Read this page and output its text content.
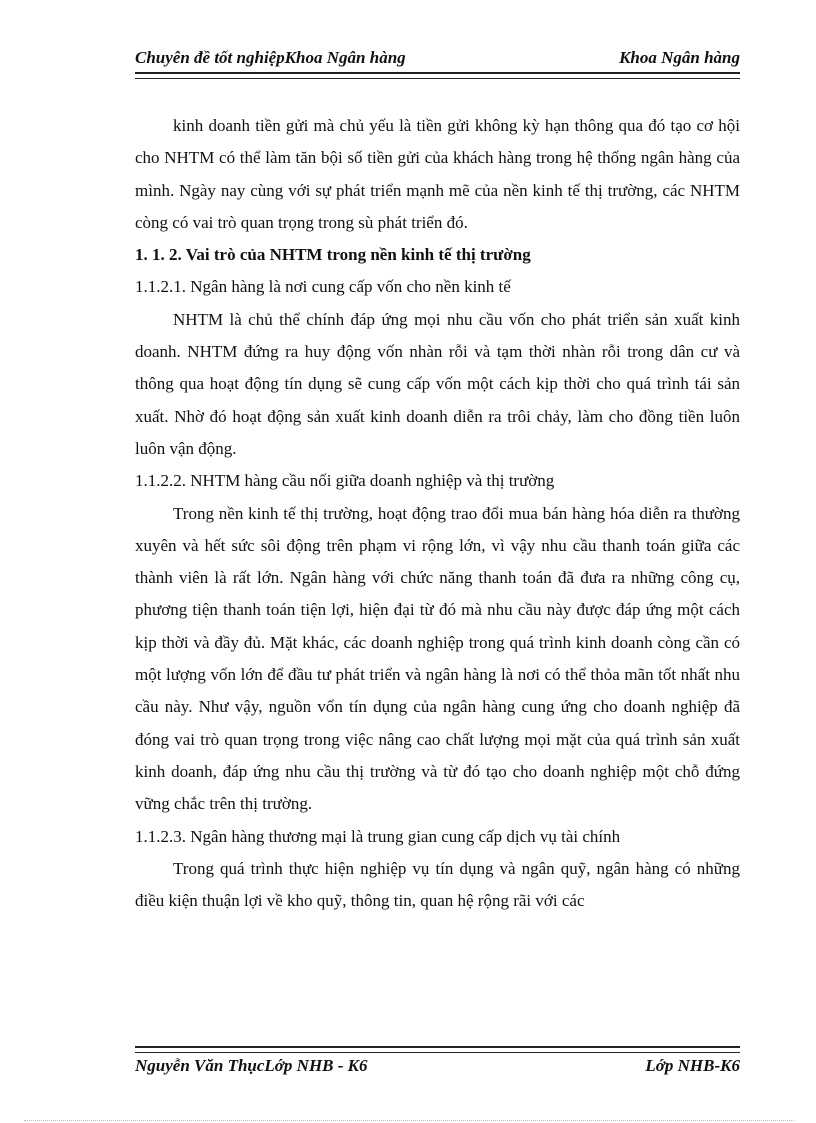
Chuyên đề tốt nghiệpKhoa Ngân hàng	Khoa Ngân hàng

kinh doanh tiền gửi mà chủ yếu là tiền gửi không kỳ hạn thông qua đó tạo cơ hội cho NHTM có thể làm tăn bội số tiền gửi của khách hàng trong hệ thống ngân hàng của mình. Ngày nay cùng với sự phát triển mạnh mẽ của nền kinh tế thị trường, các NHTM còng có vai trò quan trọng trong sù phát triển đó.

1. 1. 2. Vai trò của NHTM trong nền kinh tế thị trường

1.1.2.1. Ngân hàng là nơi cung cấp vốn cho nền kinh tế

NHTM là chủ thể chính đáp ứng mọi nhu cầu vốn cho phát triển sản xuất kinh doanh. NHTM đứng ra huy động vốn nhàn rỗi và tạm thời nhàn rỗi trong dân cư và thông qua hoạt động tín dụng sẽ cung cấp vốn một cách kịp thời cho quá trình tái sản xuất. Nhờ đó hoạt động sản xuất kinh doanh diễn ra trôi chảy, làm cho đồng tiền luôn luôn vận động.

1.1.2.2. NHTM hàng cầu nối giữa doanh nghiệp và thị trường

Trong nền kinh tế thị trường, hoạt động trao đổi mua bán hàng hóa diễn ra thường xuyên và hết sức sôi động trên phạm vi rộng lớn, vì vậy nhu cầu thanh toán giữa các thành viên là rất lớn. Ngân hàng với chức năng thanh toán đã đưa ra những công cụ, phương tiện thanh toán tiện lợi, hiện đại từ đó mà nhu cầu này được đáp ứng một cách kịp thời và đầy đủ. Mặt khác, các doanh nghiệp trong quá trình kinh doanh còng cần có một lượng vốn lớn để đầu tư phát triển và ngân hàng là nơi có thể thỏa mãn tốt nhất nhu cầu này. Như vậy, nguồn vốn tín dụng của ngân hàng cung ứng cho doanh nghiệp đã đóng vai trò quan trọng trong việc nâng cao chất lượng mọi mặt của quá trình sản xuất kinh doanh, đáp ứng nhu cầu thị trường và từ đó tạo cho doanh nghiệp một chỗ đứng vững chắc trên thị trường.

1.1.2.3. Ngân hàng thương mại là trung gian cung cấp dịch vụ tài chính

Trong quá trình thực hiện nghiệp vụ tín dụng và ngân quỹ, ngân hàng có những điều kiện thuận lợi về kho quỹ, thông tin, quan hệ rộng rãi với các

Nguyễn Văn ThụcLớp NHB - K6	Lớp NHB-K6
